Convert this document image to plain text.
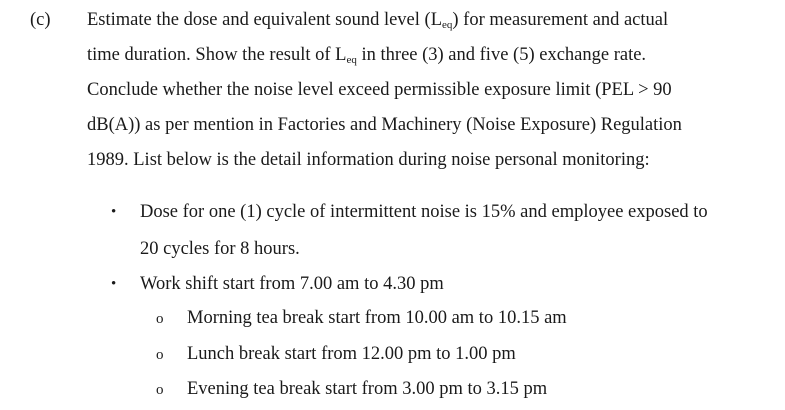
(c) Estimate the dose and equivalent sound level $(L_{eq})$ for measurement and actual
time duration. Show the result of $L_{eq}$ in three (3) and five (5) exchange rate.
Conclude whether the noise level exceed permissible exposure limit (PEL > 90
dB(A)) as per mention in Factories and Machinery (Noise Exposure) Regulation
1989. List below is the detail information during noise personal monitoring:
• Dose for one (1) cycle of intermittent noise is 15% and employee exposed to
20 cycles for 8 hours.
• Work shift start from 7.00 am to 4.30 pm
o Morning tea break start from 10.00 am to 10.15 am
o Lunch break start from 12.00 pm to 1.00 pm
o Evening tea break start from 3.00 pm to 3.15 pm
